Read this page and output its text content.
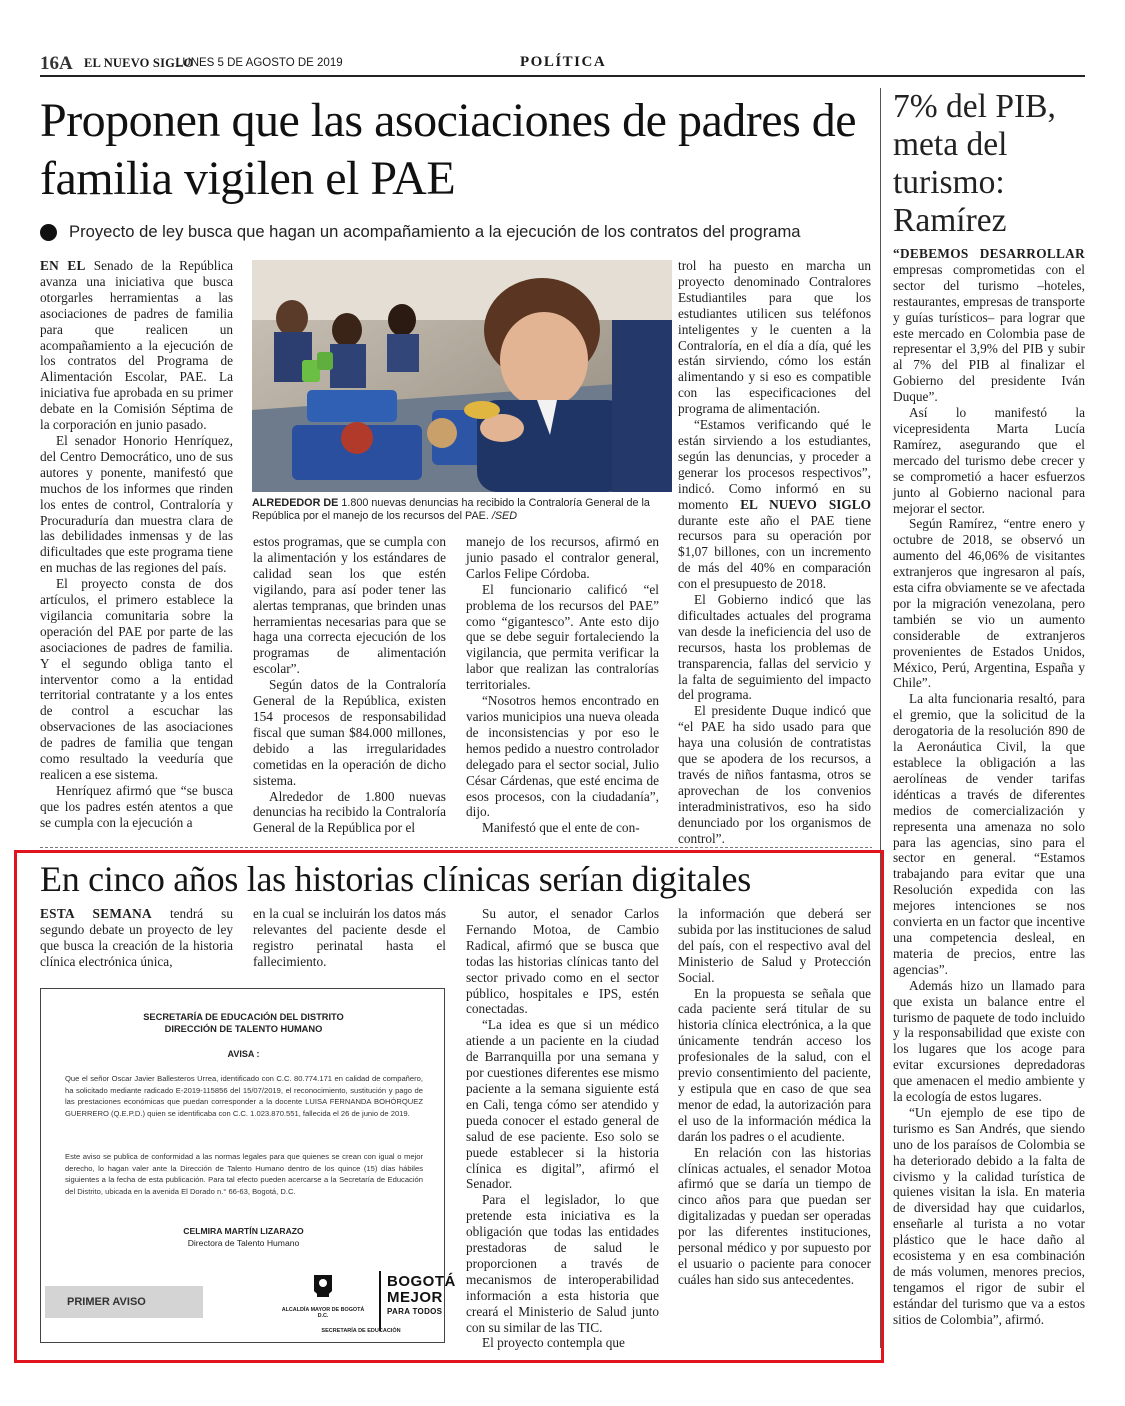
16A EL NUEVO SIGLO
LUNES 5 DE AGOSTO DE 2019	POLÍTICA
Proponen que las asociaciones de padres de familia vigilen el PAE
Proyecto de ley busca que hagan un acompañamiento a la ejecución de los contratos del programa

EN EL Senado de la República avanza una iniciativa que busca otorgarles herramientas a las asociaciones de padres de familia para que realicen un acompañamiento a la ejecución de los contratos del Programa de Alimentación Escolar, PAE. La iniciativa fue aprobada en su primer debate en la Comisión Séptima de la corporación en junio pasado.

El senador Honorio Henríquez, del Centro Democrático, uno de sus autores y ponente, manifestó que muchos de los informes que rinden los entes de control, Contraloría y Procuraduría dan muestra clara de las debilidades inmensas y de las dificultades que este programa tiene en muchas de las regiones del país.

El proyecto consta de dos artículos, el primero establece la vigilancia comunitaria sobre la operación del PAE por parte de las asociaciones de padres de familia. Y el segundo obliga tanto el interventor como a la entidad territorial contratante y a los entes de control a escuchar las observaciones de las asociaciones de padres de familia que tengan como resultado la veeduría que realicen a ese sistema.

Henríquez afirmó que “se busca que los padres estén atentos a que se cumpla con la ejecución a

ALREDEDOR DE 1.800 nuevas denuncias ha recibido la Contraloría General de la República por el manejo de los recursos del PAE. /SED

estos programas, que se cumpla con la alimentación y los estándares de calidad sean los que estén vigilando, para así poder tener las alertas tempranas, que brinden unas herramientas necesarias para que se haga una correcta ejecución de los programas de alimentación escolar”.

Según datos de la Contraloría General de la República, existen 154 procesos de responsabilidad fiscal que suman $84.000 millones, debido a las irregularidades cometidas en la operación de dicho sistema.

Alrededor de 1.800 nuevas denuncias ha recibido la Contraloría General de la República por el

manejo de los recursos, afirmó en junio pasado el contralor general, Carlos Felipe Córdoba.

El funcionario calificó “el problema de los recursos del PAE” como “gigantesco”. Ante esto dijo que se debe seguir fortaleciendo la vigilancia, que permita verificar la labor que realizan las contralorías territoriales.

“Nosotros hemos encontrado en varios municipios una nueva oleada de inconsistencias y por eso le hemos pedido a nuestro controlador delegado para el sector social, Julio César Cárdenas, que esté encima de esos procesos, con la ciudadanía”, dijo.

Manifestó que el ente de con-

trol ha puesto en marcha un proyecto denominado Contralores Estudiantiles para que los estudiantes utilicen sus teléfonos inteligentes y le cuenten a la Contraloría, en el día a día, qué les están sirviendo, cómo los están alimentando y si eso es compatible con las especificaciones del programa de alimentación.

“Estamos verificando qué le están sirviendo a los estudiantes, según las denuncias, y proceder a generar los procesos respectivos”, indicó. Como informó en su momento EL NUEVO SIGLO durante este año el PAE tiene recursos para su operación por $1,07 billones, con un incremento de más del 40% en comparación con el presupuesto de 2018.

El Gobierno indicó que las dificultades actuales del programa van desde la ineficiencia del uso de recursos, hasta los problemas de transparencia, fallas del servicio y la falta de seguimiento del impacto del programa.

El presidente Duque indicó que “el PAE ha sido usado para que haya una colusión de contratistas que se apodera de los recursos, a través de niños fantasma, otros se aprovechan de los convenios interadministrativos, eso ha sido denunciado por los organismos de control”.

7% del PIB, meta del turismo: Ramírez

“DEBEMOS DESARROLLAR empresas comprometidas con el sector del turismo –hoteles, restaurantes, empresas de transporte y guías turísticos– para lograr que este mercado en Colombia pase de representar el 3,9% del PIB y subir al 7% del PIB al finalizar el Gobierno del presidente Iván Duque”.

Así lo manifestó la vicepresidenta Marta Lucía Ramírez, asegurando que el mercado del turismo debe crecer y se comprometió a hacer esfuerzos junto al Gobierno nacional para mejorar el sector.

Según Ramírez, “entre enero y octubre de 2018, se observó un aumento del 46,06% de visitantes extranjeros que ingresaron al país, esta cifra obviamente se ve afectada por la migración venezolana, pero también se vio un aumento considerable de extranjeros provenientes de Estados Unidos, México, Perú, Argentina, España y Chile”.

La alta funcionaria resaltó, para el gremio, que la solicitud de la derogatoria de la resolución 890 de la Aeronáutica Civil, la que establece la obligación a las aerolíneas de vender tarifas idénticas a través de diferentes medios de comercialización y representa una amenaza no solo para las agencias, sino para el sector en general. “Estamos trabajando para evitar que una Resolución expedida con las mejores intenciones se nos convierta en un factor que incentive una competencia desleal, en materia de precios, entre las agencias”.

Además hizo un llamado para que exista un balance entre el turismo de paquete de todo incluido y la responsabilidad que existe con los lugares que los acoge para evitar excursiones depredadoras que amenacen el medio ambiente y la ecología de estos lugares.

“Un ejemplo de ese tipo de turismo es San Andrés, que siendo uno de los paraísos de Colombia se ha deteriorado debido a la falta de civismo y la calidad turística de quienes visitan la isla. En materia de diversidad hay que cuidarlos, enseñarle al turista a no votar plástico que le hace daño al ecosistema y en esa combinación de más volumen, menores precios, tengamos el rigor de subir el estándar del turismo que va a estos sitios de Colombia”, afirmó.

En cinco años las historias clínicas serían digitales

ESTA SEMANA tendrá su segundo debate un proyecto de ley que busca la creación de la historia clínica electrónica única,

en la cual se incluirán los datos más relevantes del paciente desde el registro perinatal hasta el fallecimiento.

Su autor, el senador Carlos Fernando Motoa, de Cambio Radical, afirmó que se busca que todas las historias clínicas tanto del sector privado como en el sector público, hospitales e IPS, estén conectadas.

“La idea es que si un médico atiende a un paciente en la ciudad de Barranquilla por una semana y por cuestiones diferentes ese mismo paciente a la semana siguiente está en Cali, tenga cómo ser atendido y pueda conocer el estado general de salud de ese paciente. Eso solo se puede establecer si la historia clínica es digital”, afirmó el Senador.

Para el legislador, lo que pretende esta iniciativa es la obligación que todas las entidades prestadoras de salud le proporcionen a través de mecanismos de interoperabilidad información a esta historia que creará el Ministerio de Salud junto con su similar de las TIC.

El proyecto contempla que

la información que deberá ser subida por las instituciones de salud del país, con el respectivo aval del Ministerio de Salud y Protección Social.

En la propuesta se señala que cada paciente será titular de su historia clínica electrónica, a la que únicamente tendrán acceso los profesionales de la salud, con el previo consentimiento del paciente, y estipula que en caso de que sea menor de edad, la autorización para el uso de la información médica la darán los padres o el acudiente.

En relación con las historias clínicas actuales, el senador Motoa afirmó que se daría un tiempo de cinco años para que puedan ser digitalizadas y puedan ser operadas por las diferentes instituciones, personal médico y por supuesto por el usuario o paciente para conocer cuáles han sido sus antecedentes.

SECRETARÍA DE EDUCACIÓN DEL DISTRITO
DIRECCIÓN DE TALENTO HUMANO
AVISA :
Que el señor Oscar Javier Ballesteros Urrea, identificado con C.C. 80.774.171 en calidad de compañero, ha solicitado mediante radicado E-2019-115856 del 15/07/2019, el reconocimiento, sustitución y pago de las prestaciones económicas que puedan corresponder a la docente LUISA FERNANDA BOHÓRQUEZ GUERRERO (Q.E.P.D.) quien se identificaba con C.C. 1.023.870.551, fallecida el 26 de junio de 2019.
Este aviso se publica de conformidad a las normas legales para que quienes se crean con igual o mejor derecho, lo hagan valer ante la Dirección de Talento Humano dentro de los quince (15) días hábiles siguientes a la fecha de esta publicación. Para tal efecto pueden acercarse a la Secretaría de Educación del Distrito, ubicada en la avenida El Dorado n.° 66-63, Bogotá, D.C.
CELMIRA MARTÍN LIZARAZO
Directora de Talento Humano
PRIMER AVISO
ALCALDÍA MAYOR DE BOGOTÁ D.C.
BOGOTÁ
MEJOR
PARA TODOS
SECRETARÍA DE EDUCACIÓN
